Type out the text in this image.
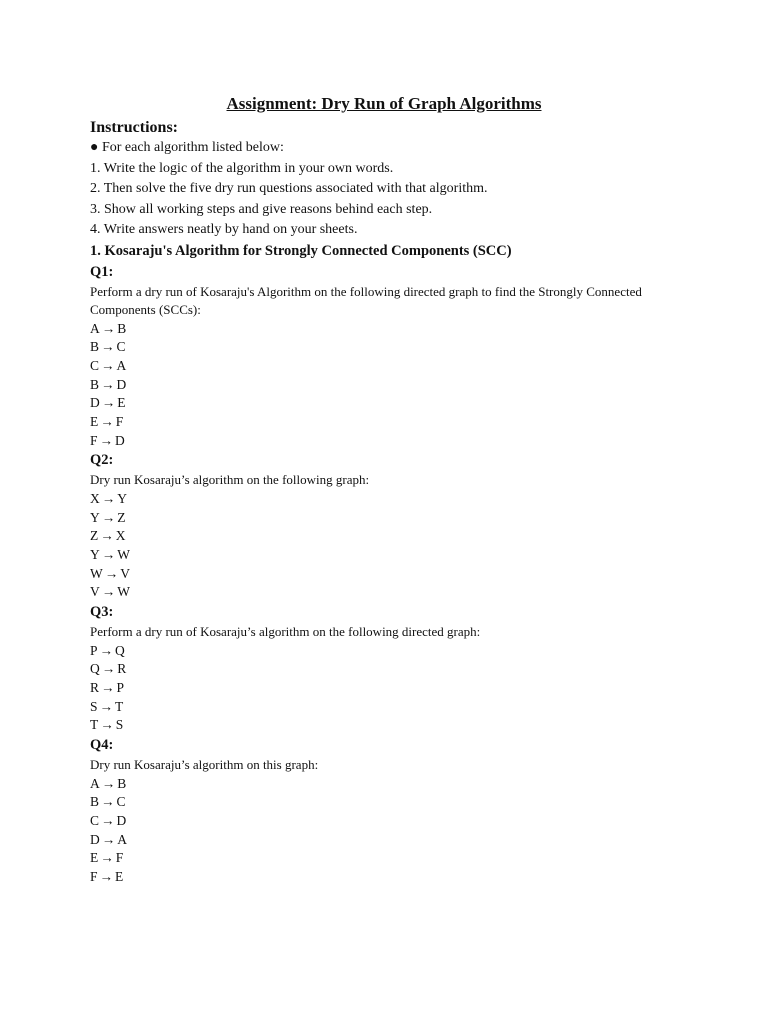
Assignment: Dry Run of Graph Algorithms

Instructions:

● For each algorithm listed below:

1. Write the logic of the algorithm in your own words.

2. Then solve the five dry run questions associated with that algorithm.

3. Show all working steps and give reasons behind each step.

4. Write answers neatly by hand on your sheets.

1. Kosaraju's Algorithm for Strongly Connected Components (SCC)

Q1:

Perform a dry run of Kosaraju's Algorithm on the following directed graph to find the Strongly Connected Components (SCCs):

A → B

B → C

C → A

B → D

D → E

E → F

F → D

Q2:

Dry run Kosaraju’s algorithm on the following graph:

X → Y

Y → Z

Z → X

Y → W

W → V

V → W

Q3:

Perform a dry run of Kosaraju’s algorithm on the following directed graph:

P → Q

Q → R

R → P

S → T

T → S

Q4:

Dry run Kosaraju’s algorithm on this graph:

A → B

B → C

C → D

D → A

E → F

F → E
